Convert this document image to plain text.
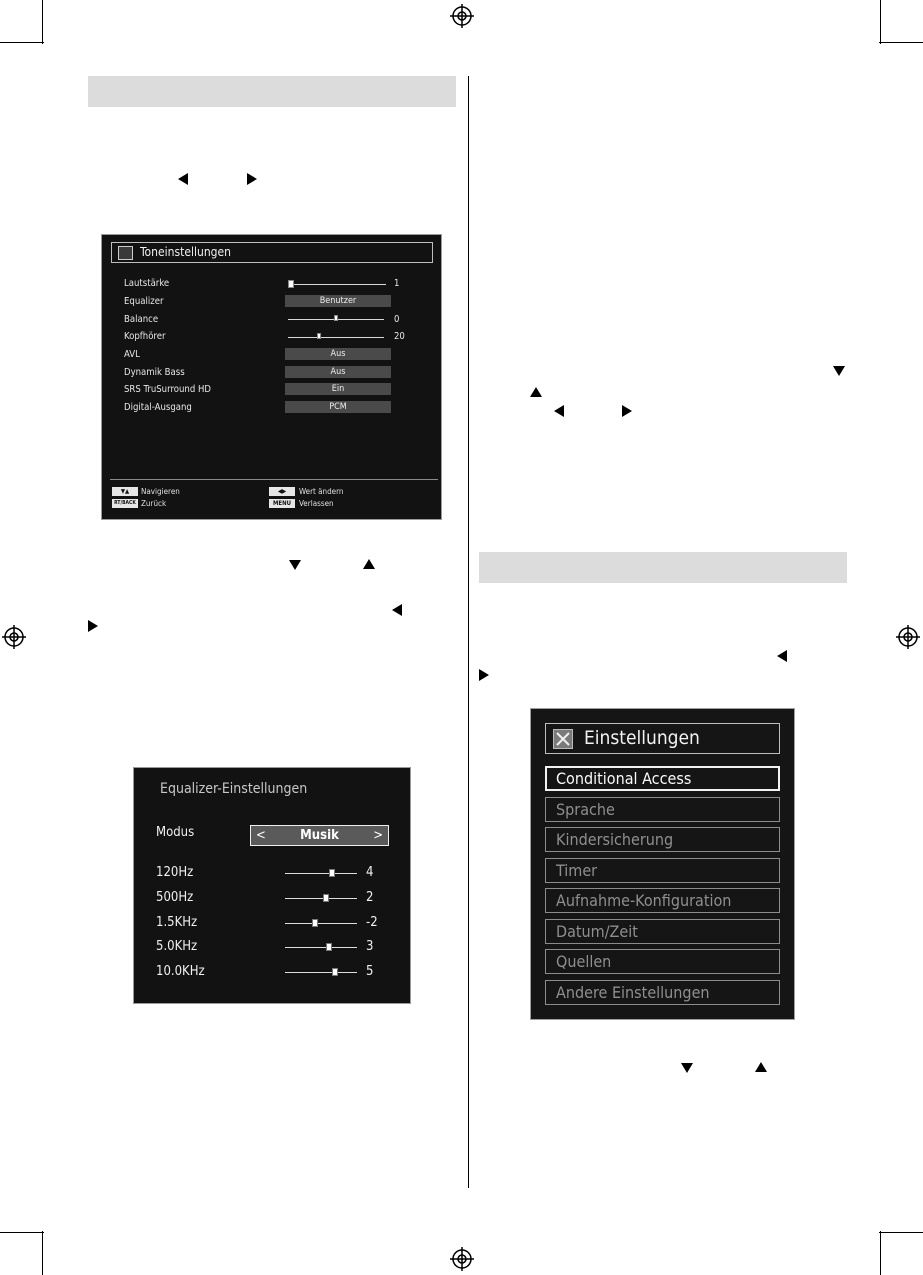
Toneinstellungen
Lautstärke	1
Equalizer	Benutzer
Balance	0
Kopfhörer	20
AVL	Aus
Dynamik Bass	Aus
SRS TruSurround HD	Ein
Digital-Ausgang	PCM
▼▲	Navigieren	◀▶	Wert ändern
RT/BACK Zurück	MENU	Verlassen
Equalizer-Einstellungen
Modus	<	Musik	>
120Hz	4
500Hz	2
1.5KHz	-2
5.0KHz	3
10.0KHz	5
Einstellungen
Conditional Access
Sprache
Kindersicherung
Timer
Aufnahme-Konfiguration
Datum/Zeit
Quellen
Andere Einstellungen
